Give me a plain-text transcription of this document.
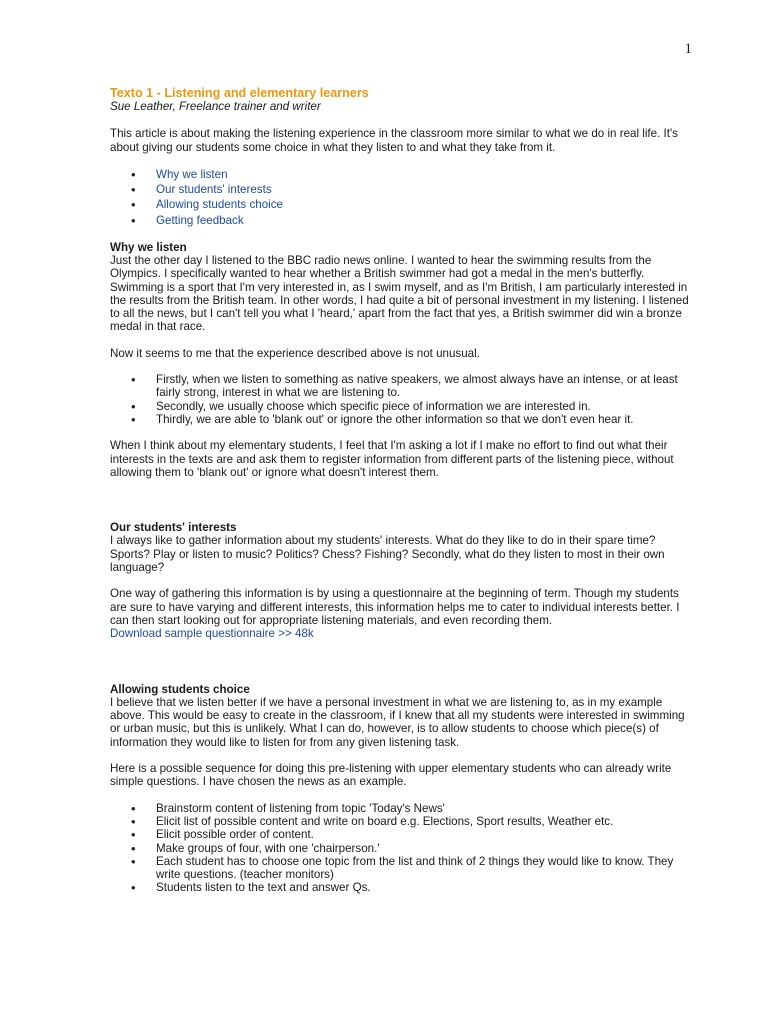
1
Texto 1 - Listening and elementary learners

Sue Leather, Freelance trainer and writer

This article is about making the listening experience in the classroom more similar to what we do in real life. It's about giving our students some choice in what they listen to and what they take from it.

• Why we listen
• Our students' interests
• Allowing students choice
• Getting feedback

Why we listen

Just the other day I listened to the BBC radio news online. I wanted to hear the swimming results from the Olympics. I specifically wanted to hear whether a British swimmer had got a medal in the men's butterfly. Swimming is a sport that I'm very interested in, as I swim myself, and as I'm British, I am particularly interested in the results from the British team. In other words, I had quite a bit of personal investment in my listening. I listened to all the news, but I can't tell you what I 'heard,' apart from the fact that yes, a British swimmer did win a bronze medal in that race.

Now it seems to me that the experience described above is not unusual.

• Firstly, when we listen to something as native speakers, we almost always have an intense, or at least fairly strong, interest in what we are listening to.
• Secondly, we usually choose which specific piece of information we are interested in.
• Thirdly, we are able to 'blank out' or ignore the other information so that we don't even hear it.

When I think about my elementary students, I feel that I'm asking a lot if I make no effort to find out what their interests in the texts are and ask them to register information from different parts of the listening piece, without allowing them to 'blank out' or ignore what doesn't interest them.

Our students' interests

I always like to gather information about my students' interests. What do they like to do in their spare time? Sports? Play or listen to music? Politics? Chess? Fishing? Secondly, what do they listen to most in their own language?

One way of gathering this information is by using a questionnaire at the beginning of term. Though my students are sure to have varying and different interests, this information helps me to cater to individual interests better. I can then start looking out for appropriate listening materials, and even recording them.

Download sample questionnaire >> 48k

Allowing students choice

I believe that we listen better if we have a personal investment in what we are listening to, as in my example above. This would be easy to create in the classroom, if I knew that all my students were interested in swimming or urban music, but this is unlikely. What I can do, however, is to allow students to choose which piece(s) of information they would like to listen for from any given listening task.

Here is a possible sequence for doing this pre-listening with upper elementary students who can already write simple questions. I have chosen the news as an example.

• Brainstorm content of listening from topic 'Today's News'
• Elicit list of possible content and write on board e.g. Elections, Sport results, Weather etc.
• Elicit possible order of content.
• Make groups of four, with one 'chairperson.'
• Each student has to choose one topic from the list and think of 2 things they would like to know. They write questions. (teacher monitors)
• Students listen to the text and answer Qs.
